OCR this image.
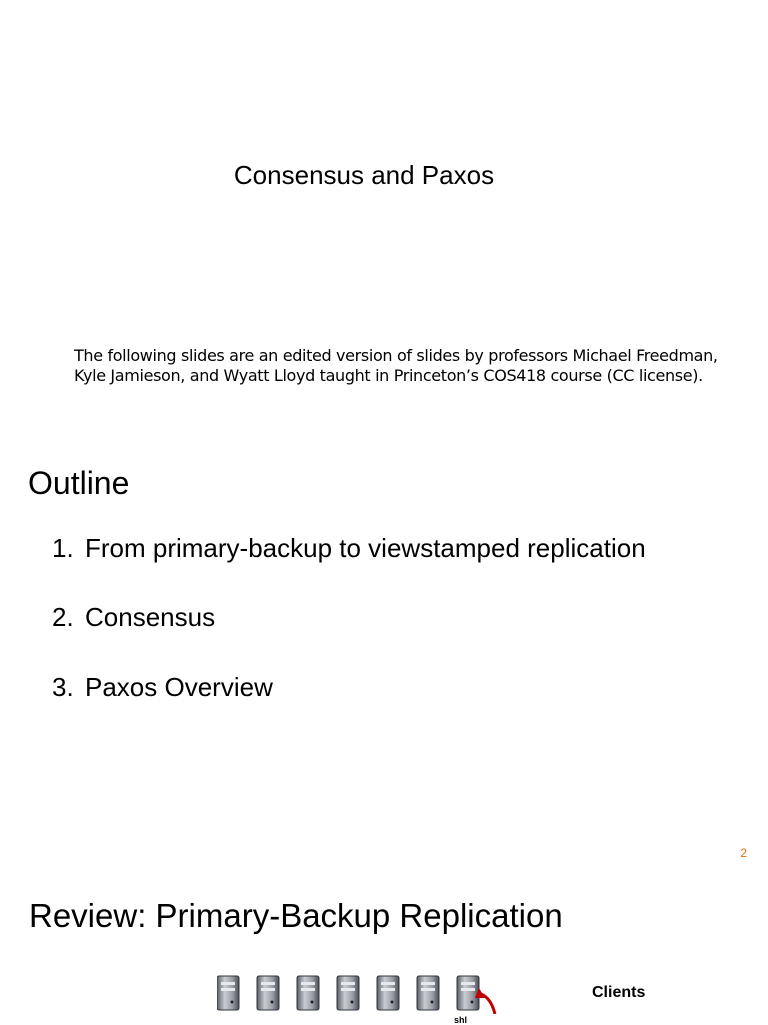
Consensus and Paxos
The following slides are an edited version of slides by professors Michael Freedman,
Kyle Jamieson, and Wyatt Lloyd taught in Princeton’s COS418 course (CC license).
Outline
1. From primary-backup to viewstamped replication
2. Consensus
3. Paxos Overview
2
Review: Primary-Backup Replication
Clients
shl
